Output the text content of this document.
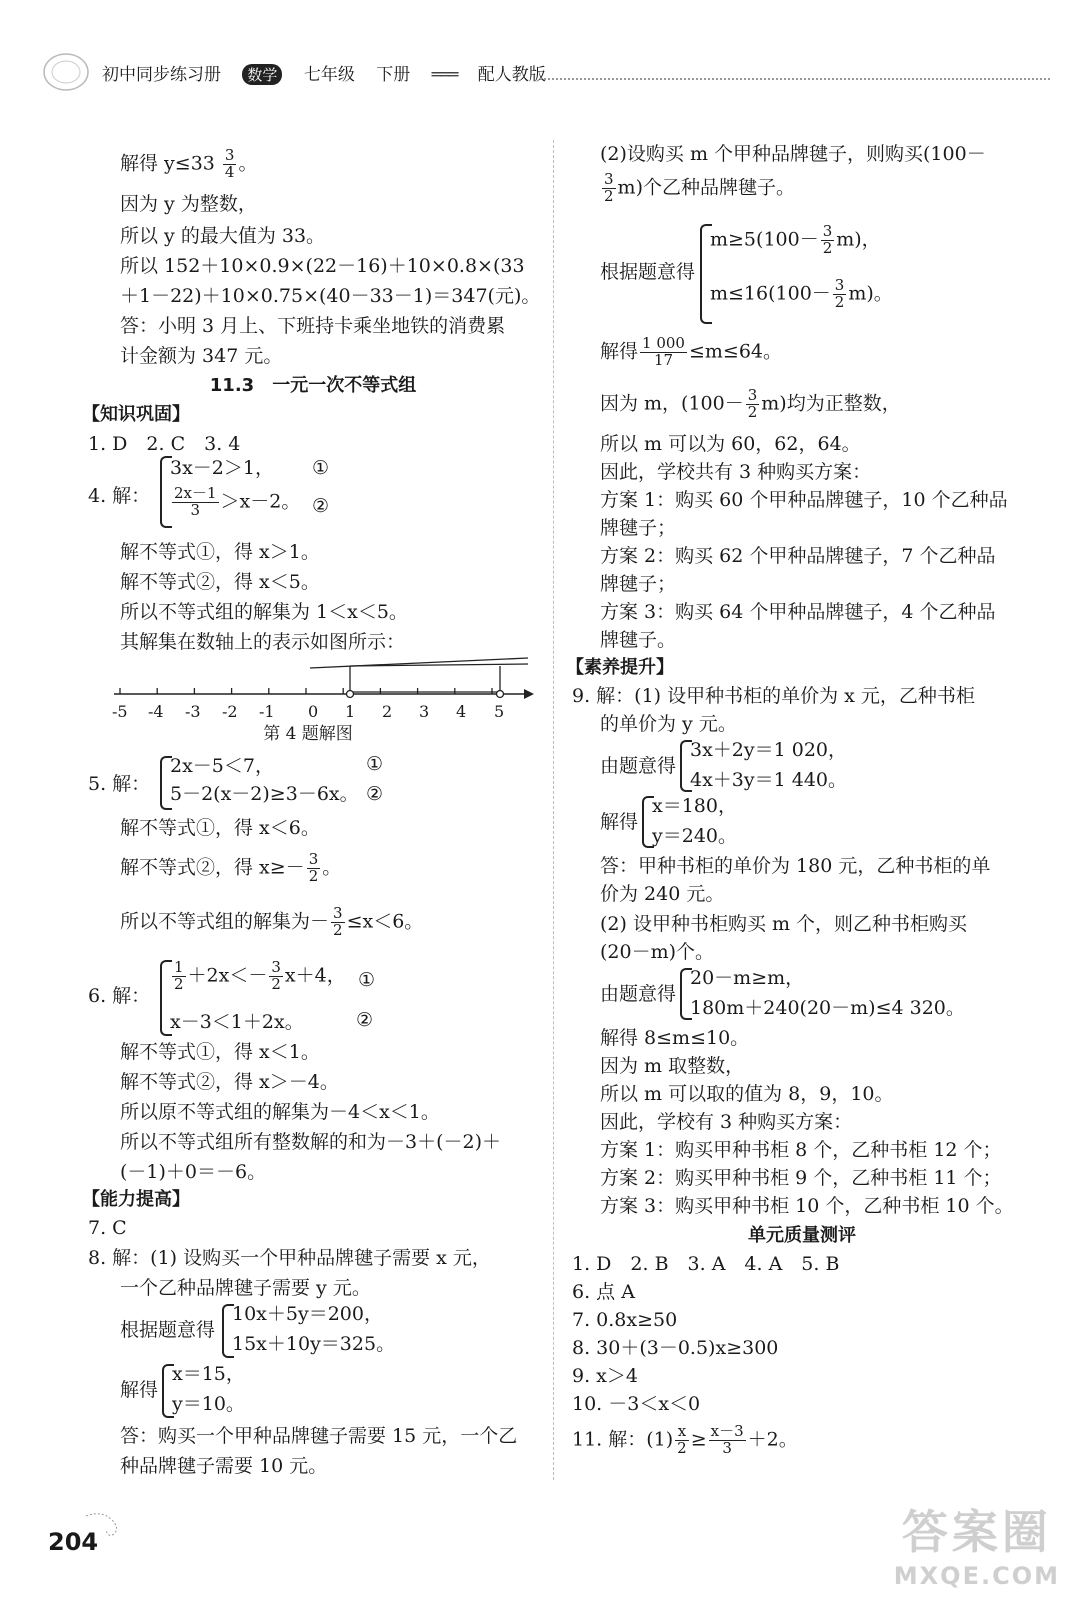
初中同步练习册 数学 七年级 下册 ═══ 配人教版
解得 $y\le 33 \frac{3}{4}$ 。
因为 y 为整数，
所以 y 的最大值为 33。
所以 152＋10×0.9×(22－16)＋10×0.8×(33
＋1－22)＋10×0.75×(40－33－1)＝347(元)。
答：小明 3 月上、下班持卡乘坐地铁的消费累
计金额为 347 元。
11.3　一元一次不等式组
【知识巩固】
1. D　2. C　3. 4
4. 解：
3x－2＞1， ①
$\frac{2x-1}{3} >x-2$。 ②
解不等式①，得 x＞1。
解不等式②，得 x＜5。
所以不等式组的解集为 1＜x＜5。
其解集在数轴上的表示如图所示：
-5 -4 -3 -2 -1 0 1 2 3 4 5
第 4 题解图
5. 解：
2x－5＜7，	①
5－2(x－2)≥3－6x。 ②
解不等式①，得 x＜6。
解不等式②，得 $x\ge- \frac{3}{2}$ 。
所以不等式组的解集为－ $\frac{3}{2} \le x<6$。
6. 解：
$\frac{1}{2} +2x<- \frac{3}{2} x+4$， ①
x－3＜1＋2x。	②
解不等式①，得 x＜1。
解不等式②，得 x＞－4。
所以原不等式组的解集为－4＜x＜1。
所以不等式组所有整数解的和为－3＋(－2)＋
(－1)＋0＝－6。
【能力提高】
7. C
8. 解：(1) 设购买一个甲种品牌毽子需要 x 元，
一个乙种品牌毽子需要 y 元。
根据题意得
10x＋5y＝200，
15x＋10y＝325。
解得
x＝15，
y＝10。
答：购买一个甲种品牌毽子需要 15 元，一个乙
种品牌毽子需要 10 元。
(2)设购买 m 个甲种品牌毽子，则购买(100－
$\frac{3}{2} m$)个乙种品牌毽子。
根据题意得
$m\ge 5(100- \frac{3}{2} m)$，
$m\le 16(100- \frac{3}{2} m)$。
解得 $\frac{1 000}{17} \le m\le 64$。
因为 m，$(100- \frac{3}{2} m)$均为正整数，
所以 m 可以为 60，62，64。
因此，学校共有 3 种购买方案：
方案 1：购买 60 个甲种品牌毽子，10 个乙种品
牌毽子；
方案 2：购买 62 个甲种品牌毽子，7 个乙种品
牌毽子；
方案 3：购买 64 个甲种品牌毽子，4 个乙种品
牌毽子。
【素养提升】
9. 解：(1) 设甲种书柜的单价为 x 元，乙种书柜
的单价为 y 元。
由题意得
3x＋2y＝1 020，
4x＋3y＝1 440。
解得
x＝180，
y＝240。
答：甲种书柜的单价为 180 元，乙种书柜的单
价为 240 元。
(2) 设甲种书柜购买 m 个，则乙种书柜购买
(20－m)个。
由题意得
20－m≥m，
180m＋240(20－m)≤4 320。
解得 8≤m≤10。
因为 m 取整数，
所以 m 可以取的值为 8，9，10。
因此，学校有 3 种购买方案：
方案 1：购买甲种书柜 8 个，乙种书柜 12 个；
方案 2：购买甲种书柜 9 个，乙种书柜 11 个；
方案 3：购买甲种书柜 10 个，乙种书柜 10 个。
单元质量测评
1. D　2. B　3. A　4. A　5. B
6. 点 A
7. 0.8x≥50
8. 30＋(3－0.5)x≥300
9. x＞4
10. －3＜x＜0
11. 解：$(1) \frac{x}{2} \ge \frac{x-3}{3} +2$。
204	答案圈
MXQE.COM
